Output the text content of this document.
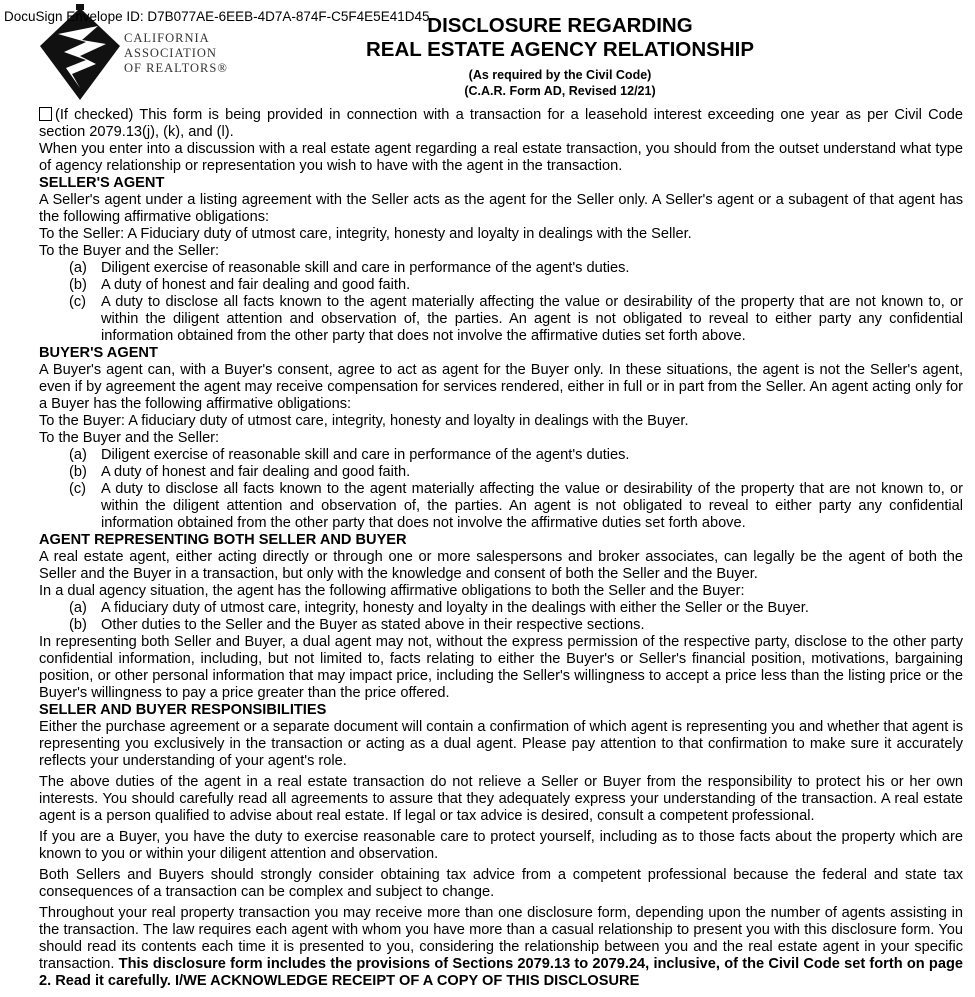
DocuSign Envelope ID: D7B077AE-6EEB-4D7A-874F-C5F4E5E41D45
CALIFORNIA
ASSOCIATION
OF REALTORS®
DISCLOSURE REGARDING
REAL ESTATE AGENCY RELATIONSHIP
(As required by the Civil Code)
(C.A.R. Form AD, Revised 12/21)

(If checked) This form is being provided in connection with a transaction for a leasehold interest exceeding one year as per Civil Code section 2079.13(j), (k), and (l).

When you enter into a discussion with a real estate agent regarding a real estate transaction, you should from the outset understand what type of agency relationship or representation you wish to have with the agent in the transaction.

SELLER'S AGENT

A Seller's agent under a listing agreement with the Seller acts as the agent for the Seller only. A Seller's agent or a subagent of that agent has the following affirmative obligations:

To the Seller: A Fiduciary duty of utmost care, integrity, honesty and loyalty in dealings with the Seller.

To the Buyer and the Seller:

(a) Diligent exercise of reasonable skill and care in performance of the agent's duties.
(b) A duty of honest and fair dealing and good faith.
(c)	A duty to disclose all facts known to the agent materially affecting the value or desirability of the property that are not known to, or within the diligent attention and observation of, the parties. An agent is not obligated to reveal to either party any confidential information obtained from the other party that does not involve the affirmative duties set forth above.

BUYER'S AGENT

A Buyer's agent can, with a Buyer's consent, agree to act as agent for the Buyer only. In these situations, the agent is not the Seller's agent, even if by agreement the agent may receive compensation for services rendered, either in full or in part from the Seller. An agent acting only for a Buyer has the following affirmative obligations:

To the Buyer: A fiduciary duty of utmost care, integrity, honesty and loyalty in dealings with the Buyer.

To the Buyer and the Seller:

(a) Diligent exercise of reasonable skill and care in performance of the agent's duties.
(b) A duty of honest and fair dealing and good faith.
(c)	A duty to disclose all facts known to the agent materially affecting the value or desirability of the property that are not known to, or within the diligent attention and observation of, the parties. An agent is not obligated to reveal to either party any confidential information obtained from the other party that does not involve the affirmative duties set forth above.

AGENT REPRESENTING BOTH SELLER AND BUYER

A real estate agent, either acting directly or through one or more salespersons and broker associates, can legally be the agent of both the Seller and the Buyer in a transaction, but only with the knowledge and consent of both the Seller and the Buyer.

In a dual agency situation, the agent has the following affirmative obligations to both the Seller and the Buyer:

(a) A fiduciary duty of utmost care, integrity, honesty and loyalty in the dealings with either the Seller or the Buyer.
(b) Other duties to the Seller and the Buyer as stated above in their respective sections.

In representing both Seller and Buyer, a dual agent may not, without the express permission of the respective party, disclose to the other party confidential information, including, but not limited to, facts relating to either the Buyer's or Seller's financial position, motivations, bargaining position, or other personal information that may impact price, including the Seller's willingness to accept a price less than the listing price or the Buyer's willingness to pay a price greater than the price offered.

SELLER AND BUYER RESPONSIBILITIES

Either the purchase agreement or a separate document will contain a confirmation of which agent is representing you and whether that agent is representing you exclusively in the transaction or acting as a dual agent. Please pay attention to that confirmation to make sure it accurately reflects your understanding of your agent's role.

The above duties of the agent in a real estate transaction do not relieve a Seller or Buyer from the responsibility to protect his or her own interests. You should carefully read all agreements to assure that they adequately express your understanding of the transaction. A real estate agent is a person qualified to advise about real estate. If legal or tax advice is desired, consult a competent professional.

If you are a Buyer, you have the duty to exercise reasonable care to protect yourself, including as to those facts about the property which are known to you or within your diligent attention and observation.

Both Sellers and Buyers should strongly consider obtaining tax advice from a competent professional because the federal and state tax consequences of a transaction can be complex and subject to change.

Throughout your real property transaction you may receive more than one disclosure form, depending upon the number of agents assisting in the transaction. The law requires each agent with whom you have more than a casual relationship to present you with this disclosure form. You should read its contents each time it is presented to you, considering the relationship between you and the real estate agent in your specific transaction. This disclosure form includes the provisions of Sections 2079.13 to 2079.24, inclusive, of the Civil Code set forth on page 2. Read it carefully. I/WE ACKNOWLEDGE RECEIPT OF A COPY OF THIS DISCLOSURE
